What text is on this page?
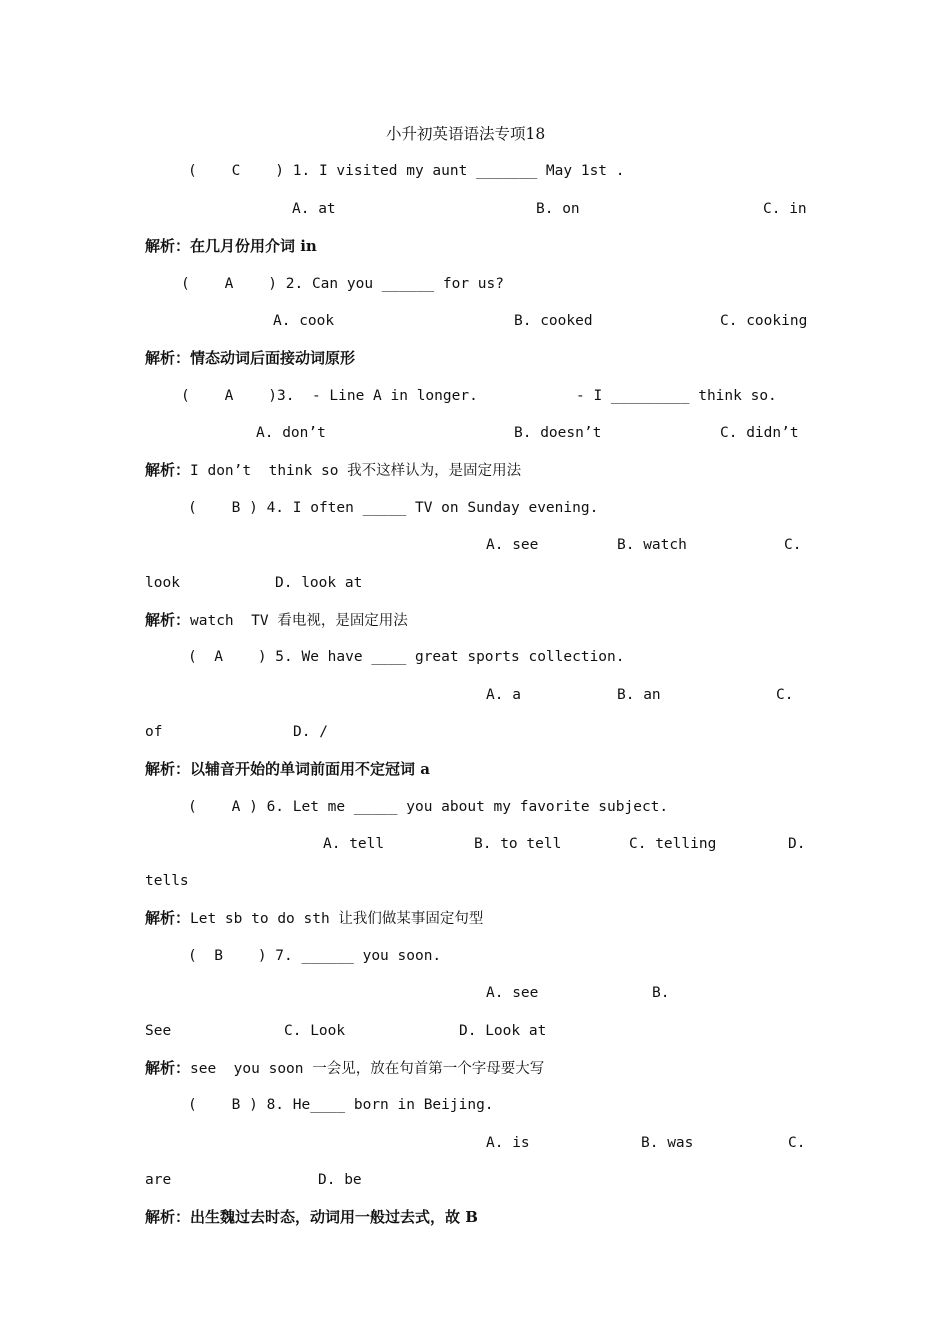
小升初英语语法专项18
(    C    ) 1. I visited my aunt _______ May 1st .
A. at	B. on	C. in
解析：在几月份用介词 in
(    A    ) 2. Can you ______ for us?
A. cook	B. cooked	C. cooking
解析：情态动词后面接动词原形
(    A    )3.  - Line A in longer.	- I _________ think so.
A. don’t	B. doesn’t	C. didn’t
解析：I don’t  think so 我不这样认为，是固定用法
(    B ) 4. I often _____ TV on Sunday evening.
A. see	B. watch	C.
look	D. look at
解析：watch  TV 看电视，是固定用法
(  A    ) 5. We have ____ great sports collection.
A. a	B. an	C.
of	D. /
解析：以辅音开始的单词前面用不定冠词 a
(    A ) 6. Let me _____ you about my favorite subject.
A. tell	B. to tell	C. telling	D.
tells
解析：Let sb to do sth 让我们做某事固定句型
(  B    ) 7. ______ you soon.
A. see	B.
See	C. Look	D. Look at
解析：see  you soon 一会见，放在句首第一个字母要大写
(    B ) 8. He____ born in Beijing.
A. is	B. was	C.
are	D. be
解析：出生魏过去时态，动词用一般过去式，故 B
